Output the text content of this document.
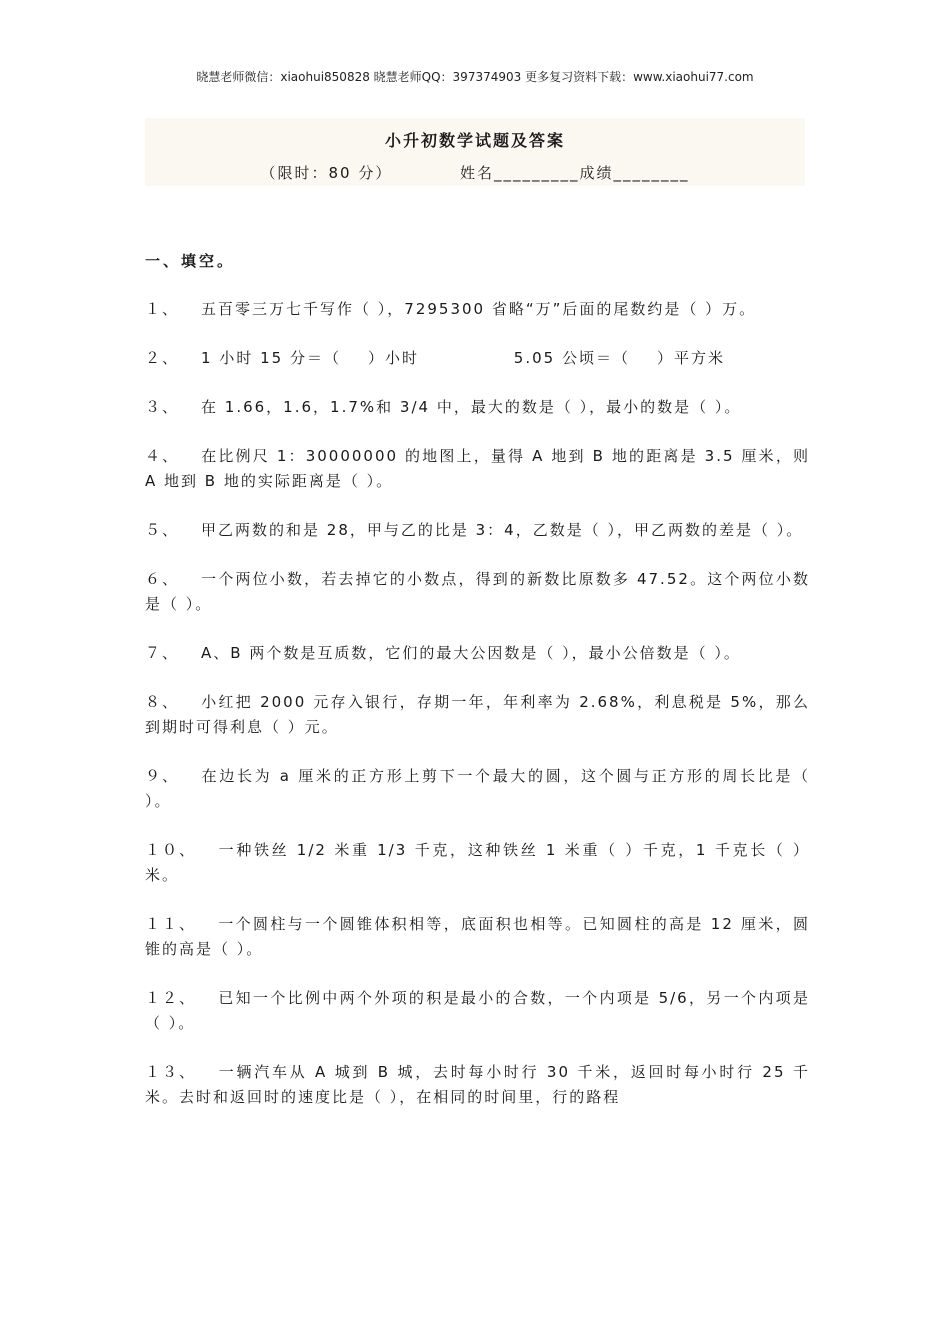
晓慧老师微信：xiaohui850828 晓慧老师QQ：397374903 更多复习资料下载：www.xiaohui77.com
小升初数学试题及答案
（限时：80 分）          姓名_________成绩________
一、填空。
１、 五百零三万七千写作（ ），7295300 省略“万”后面的尾数约是（ ）万。
２、 1 小时 15 分＝（    ）小时              5.05 公顷＝（    ）平方米
３、 在 1.66，1.6，1.7%和 3/4 中，最大的数是（ ），最小的数是（ ）。
４、 在比例尺 1：30000000 的地图上，量得 A 地到 B 地的距离是 3.5 厘米，则 A 地到 B 地的实际距离是（ ）。
５、 甲乙两数的和是 28，甲与乙的比是 3：4，乙数是（ ），甲乙两数的差是（ ）。
６、 一个两位小数，若去掉它的小数点，得到的新数比原数多 47.52。这个两位小数是（ ）。
７、 A、B 两个数是互质数，它们的最大公因数是（ ），最小公倍数是（ ）。
８、 小红把 2000 元存入银行，存期一年，年利率为 2.68%，利息税是 5%，那么到期时可得利息（ ）元。
９、 在边长为 a 厘米的正方形上剪下一个最大的圆，这个圆与正方形的周长比是（ ）。
１０、 一种铁丝 1/2 米重 1/3 千克，这种铁丝 1 米重（ ）千克，1 千克长（ ）米。
１１、 一个圆柱与一个圆锥体积相等，底面积也相等。已知圆柱的高是 12 厘米，圆锥的高是（ ）。
１２、 已知一个比例中两个外项的积是最小的合数，一个内项是 5/6，另一个内项是（ ）。
１３、 一辆汽车从 A 城到 B 城，去时每小时行 30 千米，返回时每小时行 25 千米。去时和返回时的速度比是（ ），在相同的时间里，行的路程
